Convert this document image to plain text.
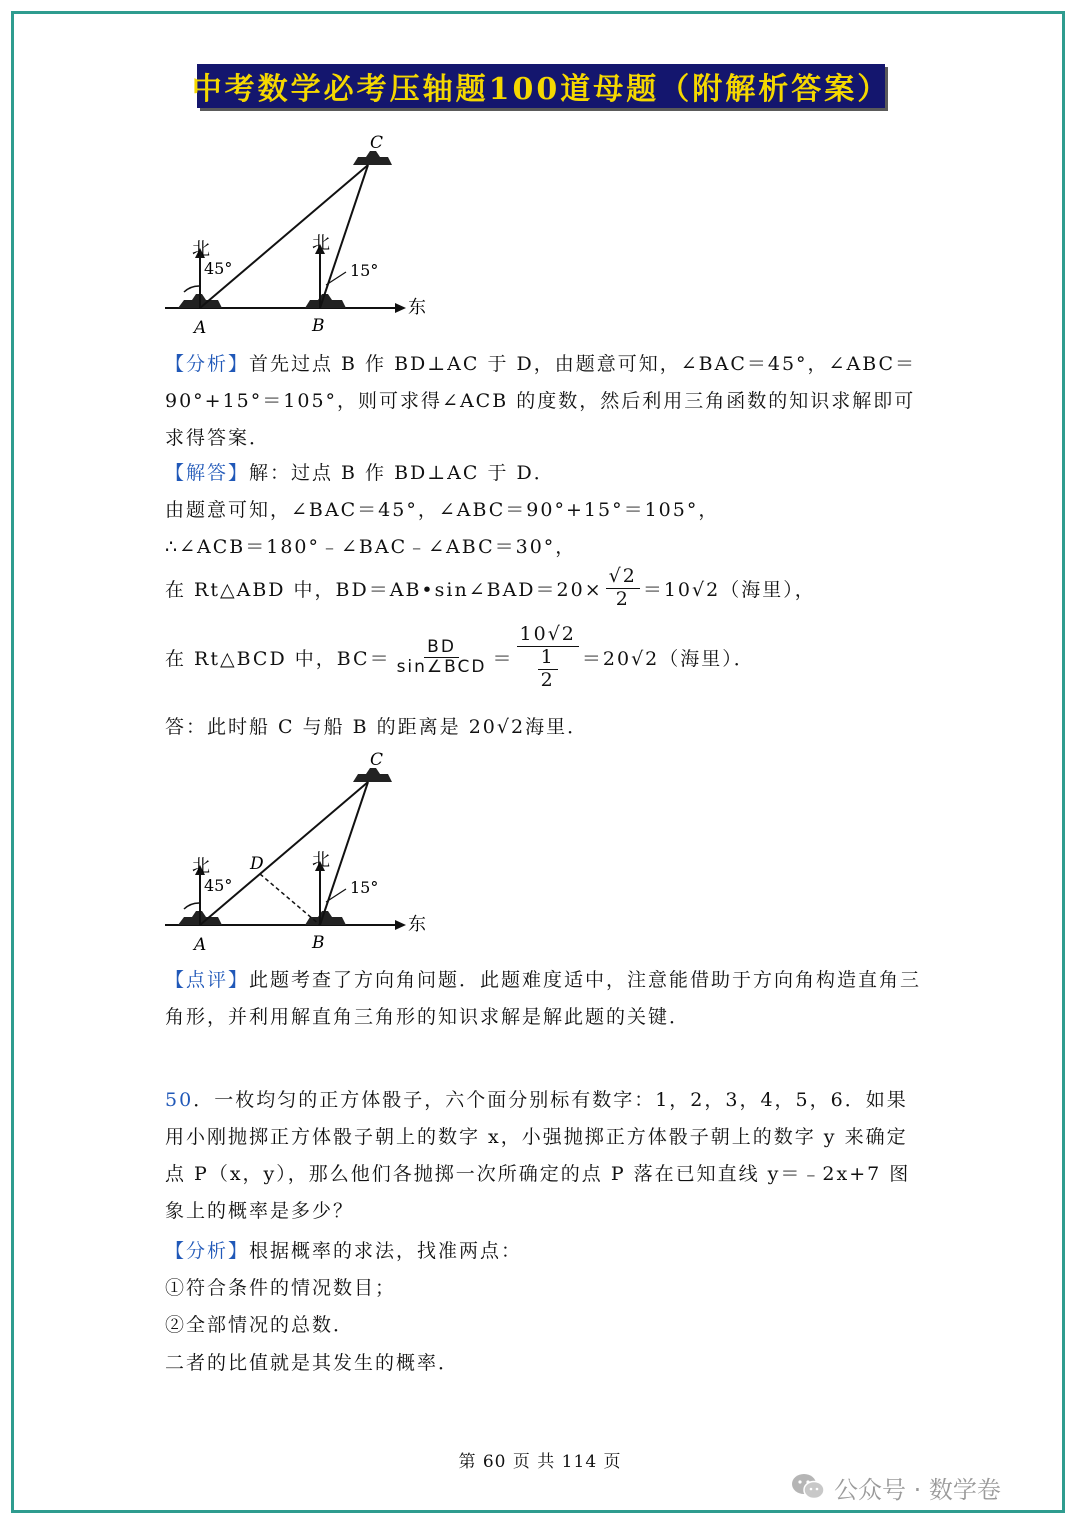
中考数学必考压轴题100道母题（附解析答案）
东
北	北
45°	15°
A	B
C
【分析】首先过点 B 作 BD⊥AC 于 D，由题意可知，∠BAC＝45°，∠ABC＝90°+15°＝105°，则可求得∠ACB 的度数，然后利用三角函数的知识求解即可求得答案．
【解答】解：过点 B 作 BD⊥AC 于 D．
由题意可知，∠BAC＝45°，∠ABC＝90°+15°＝105°，
∴∠ACB＝180°﹣∠BAC﹣∠ABC＝30°，
在 Rt△ABD 中，BD＝AB•sin∠BAD＝20× $\frac{√2}{2} =10√2$（海里），
在 Rt△BCD 中，$BC= \frac{BD}{\text{sin∠BCD}} = \frac{10√2}{\frac{1}{2}} =20√2$（海里）．
答：此时船 C 与船 B 的距离是 20√2海里．
东
北	北
45°	15°
D
A	B
C
【点评】此题考查了方向角问题．此题难度适中，注意能借助于方向角构造直角三角形，并利用解直角三角形的知识求解是解此题的关键．
50．一枚均匀的正方体骰子，六个面分别标有数字：1，2，3，4，5，6．如果用小刚抛掷正方体骰子朝上的数字 x，小强抛掷正方体骰子朝上的数字 y 来确定点 P（x，y），那么他们各抛掷一次所确定的点 P 落在已知直线 y＝﹣2x+7 图象上的概率是多少？
【分析】根据概率的求法，找准两点：
①符合条件的情况数目；
②全部情况的总数．
二者的比值就是其发生的概率．
第 60 页 共 114 页
公众号 · 数学卷
